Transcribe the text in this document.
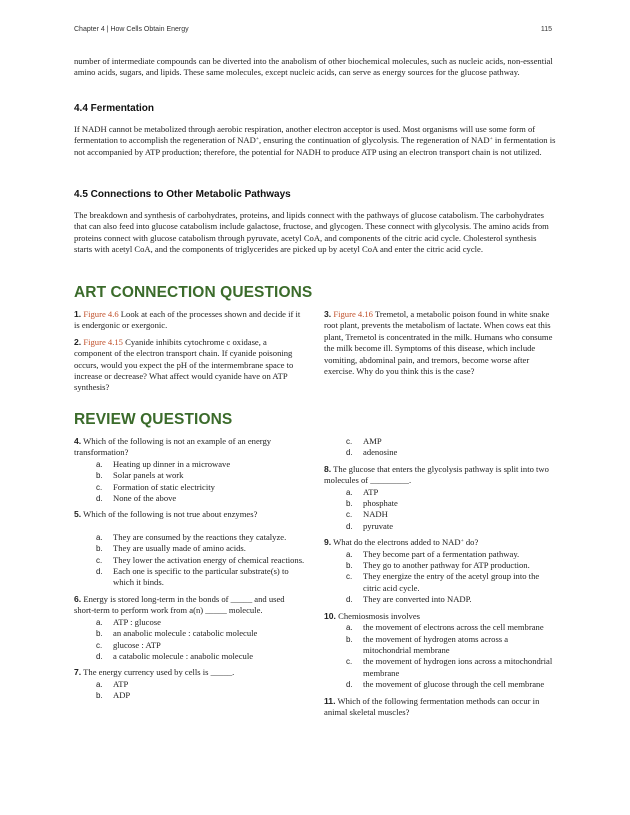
Chapter 4 | How Cells Obtain Energy	115

number of intermediate compounds can be diverted into the anabolism of other biochemical molecules, such as nucleic acids, non-essential amino acids, sugars, and lipids. These same molecules, except nucleic acids, can serve as energy sources for the glucose pathway.

4.4 Fermentation

If NADH cannot be metabolized through aerobic respiration, another electron acceptor is used. Most organisms will use some form of fermentation to accomplish the regeneration of NAD+, ensuring the continuation of glycolysis. The regeneration of NAD+ in fermentation is not accompanied by ATP production; therefore, the potential for NADH to produce ATP using an electron transport chain is not utilized.

4.5 Connections to Other Metabolic Pathways

The breakdown and synthesis of carbohydrates, proteins, and lipids connect with the pathways of glucose catabolism. The carbohydrates that can also feed into glucose catabolism include galactose, fructose, and glycogen. These connect with glycolysis. The amino acids from proteins connect with glucose catabolism through pyruvate, acetyl CoA, and components of the citric acid cycle. Cholesterol synthesis starts with acetyl CoA, and the components of triglycerides are picked up by acetyl CoA and enter the citric acid cycle.

ART CONNECTION QUESTIONS

1. Figure 4.6 Look at each of the processes shown and decide if it is endergonic or exergonic.

2. Figure 4.15 Cyanide inhibits cytochrome c oxidase, a component of the electron transport chain. If cyanide poisoning occurs, would you expect the pH of the intermembrane space to increase or decrease? What affect would cyanide have on ATP synthesis?

3. Figure 4.16 Tremetol, a metabolic poison found in white snake root plant, prevents the metabolism of lactate. When cows eat this plant, Tremetol is concentrated in the milk. Humans who consume the milk become ill. Symptoms of this disease, which include vomiting, abdominal pain, and tremors, become worse after exercise. Why do you think this is the case?

REVIEW QUESTIONS
4. Which of the following is not an example of an energy transformation?
a. Heating up dinner in a microwave
b. Solar panels at work
c. Formation of static electricity
d. None of the above
5. Which of the following is not true about enzymes?
a. They are consumed by the reactions they catalyze.
b. They are usually made of amino acids.
c. They lower the activation energy of chemical reactions.
d. Each one is specific to the particular substrate(s) to which it binds.
6. Energy is stored long-term in the bonds of _____ and used short-term to perform work from a(n) _____ molecule.
a. ATP : glucose
b. an anabolic molecule : catabolic molecule
c. glucose : ATP
d. a catabolic molecule : anabolic molecule
7. The energy currency used by cells is _____.
a. ATP
b. ADP
c. AMP
d. adenosine
8. The glucose that enters the glycolysis pathway is split into two molecules of _________.
a. ATP
b. phosphate
c. NADH
d. pyruvate
9. What do the electrons added to NAD+ do?
a. They become part of a fermentation pathway.
b. They go to another pathway for ATP production.
c. They energize the entry of the acetyl group into the citric acid cycle.
d. They are converted into NADP.
10. Chemiosmosis involves
a. the movement of electrons across the cell membrane
b. the movement of hydrogen atoms across a mitochondrial membrane
c. the movement of hydrogen ions across a mitochondrial membrane
d. the movement of glucose through the cell membrane
11. Which of the following fermentation methods can occur in animal skeletal muscles?
